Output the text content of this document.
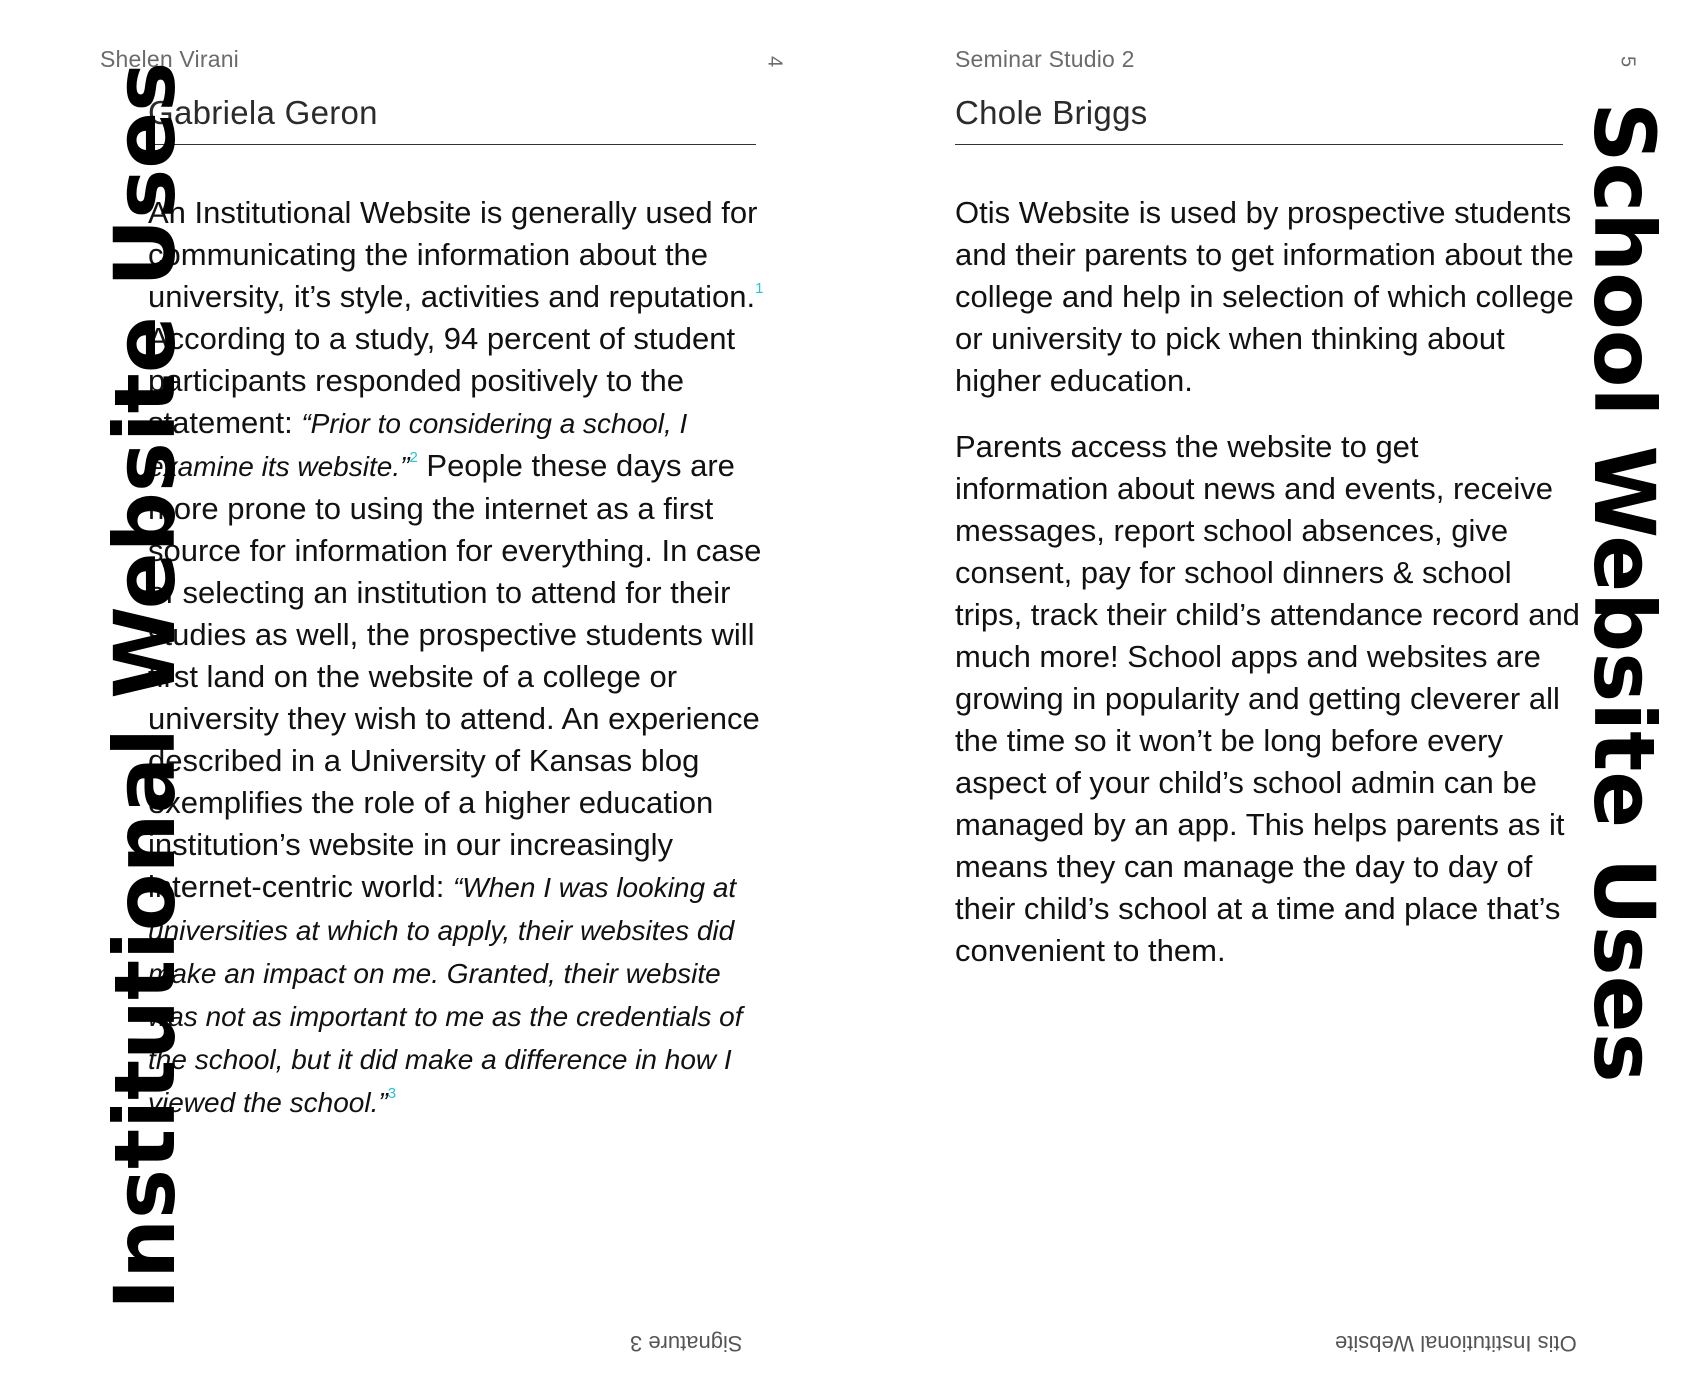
Shelen Virani	4
Gabriela Geron

An Institutional Website is generally used for communicating the information about the university, it’s style, activities and reputation.$^1$ According to a study, 94 percent of student participants responded positively to the statement: “Prior to considering a school, I examine its website.”$^2$ People these days are more prone to using the internet as a first source for information for everything. In case of selecting an institution to attend for their studies as well, the prospective students will first land on the website of a college or university they wish to attend. An experience described in a University of Kansas blog exemplifies the role of a higher education institution’s website in our increasingly internet-centric world: “When I was looking at universities at which to apply, their websites did make an impact on me. Granted, their website was not as important to me as the credentials of the school, but it did make a difference in how I viewed the school.”$^3$

Institutional Website Uses
Signature 3
Seminar Studio 2	5
Chole Briggs

Otis Website is used by prospective students and their parents to get information about the college and help in selection of which college or university to pick when thinking about higher education.

Parents access the website to get information about news and events, receive messages, report school absences, give consent, pay for school dinners & school trips, track their child’s attendance record and much more! School apps and websites are growing in popularity and getting cleverer all the time so it won’t be long before every aspect of your child’s school admin can be managed by an app. This helps parents as it means they can manage the day to day of their child’s school at a time and place that’s convenient to them.	School Website Uses
Otis Institutional Website
